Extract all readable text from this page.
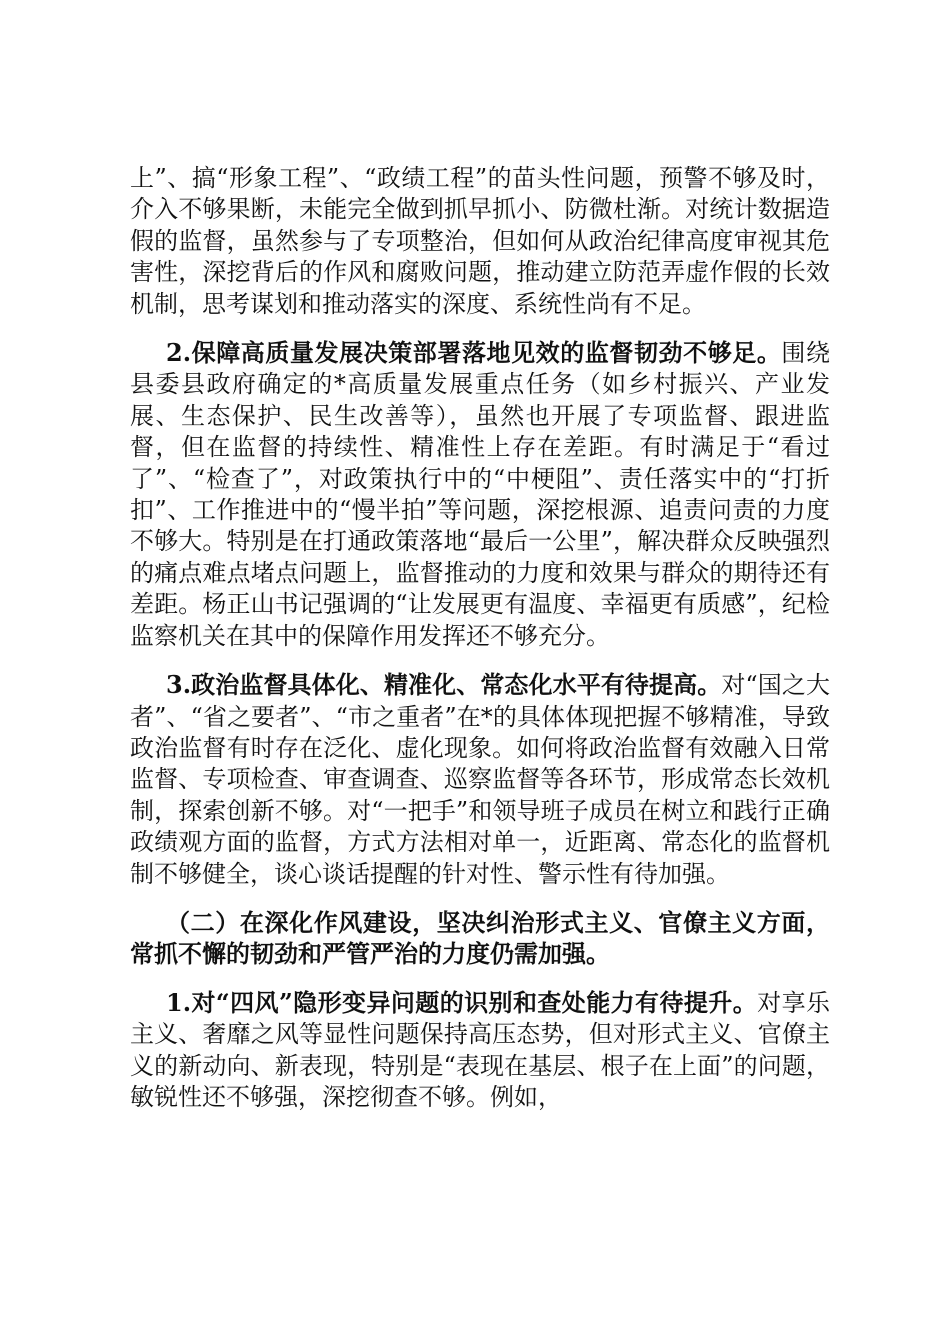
上”、搞“形象工程”、“政绩工程”的苗头性问题，预警不够及时，介入不够果断，未能完全做到抓早抓小、防微杜渐。对统计数据造假的监督，虽然参与了专项整治，但如何从政治纪律高度审视其危害性，深挖背后的作风和腐败问题，推动建立防范弄虚作假的长效机制，思考谋划和推动落实的深度、系统性尚有不足。

2.保障高质量发展决策部署落地见效的监督韧劲不够足。围绕县委县政府确定的*高质量发展重点任务（如乡村振兴、产业发展、生态保护、民生改善等），虽然也开展了专项监督、跟进监督，但在监督的持续性、精准性上存在差距。有时满足于“看过了”、“检查了”，对政策执行中的“中梗阻”、责任落实中的“打折扣”、工作推进中的“慢半拍”等问题，深挖根源、追责问责的力度不够大。特别是在打通政策落地“最后一公里”，解决群众反映强烈的痛点难点堵点问题上，监督推动的力度和效果与群众的期待还有差距。杨正山书记强调的“让发展更有温度、幸福更有质感”，纪检监察机关在其中的保障作用发挥还不够充分。

3.政治监督具体化、精准化、常态化水平有待提高。对“国之大者”、“省之要者”、“市之重者”在*的具体体现把握不够精准，导致政治监督有时存在泛化、虚化现象。如何将政治监督有效融入日常监督、专项检查、审查调查、巡察监督等各环节，形成常态长效机制，探索创新不够。对“一把手”和领导班子成员在树立和践行正确政绩观方面的监督，方式方法相对单一，近距离、常态化的监督机制不够健全，谈心谈话提醒的针对性、警示性有待加强。

（二）在深化作风建设，坚决纠治形式主义、官僚主义方面，常抓不懈的韧劲和严管严治的力度仍需加强。

1.对“四风”隐形变异问题的识别和查处能力有待提升。对享乐主义、奢靡之风等显性问题保持高压态势，但对形式主义、官僚主义的新动向、新表现，特别是“表现在基层、根子在上面”的问题，敏锐性还不够强，深挖彻查不够。例如，
